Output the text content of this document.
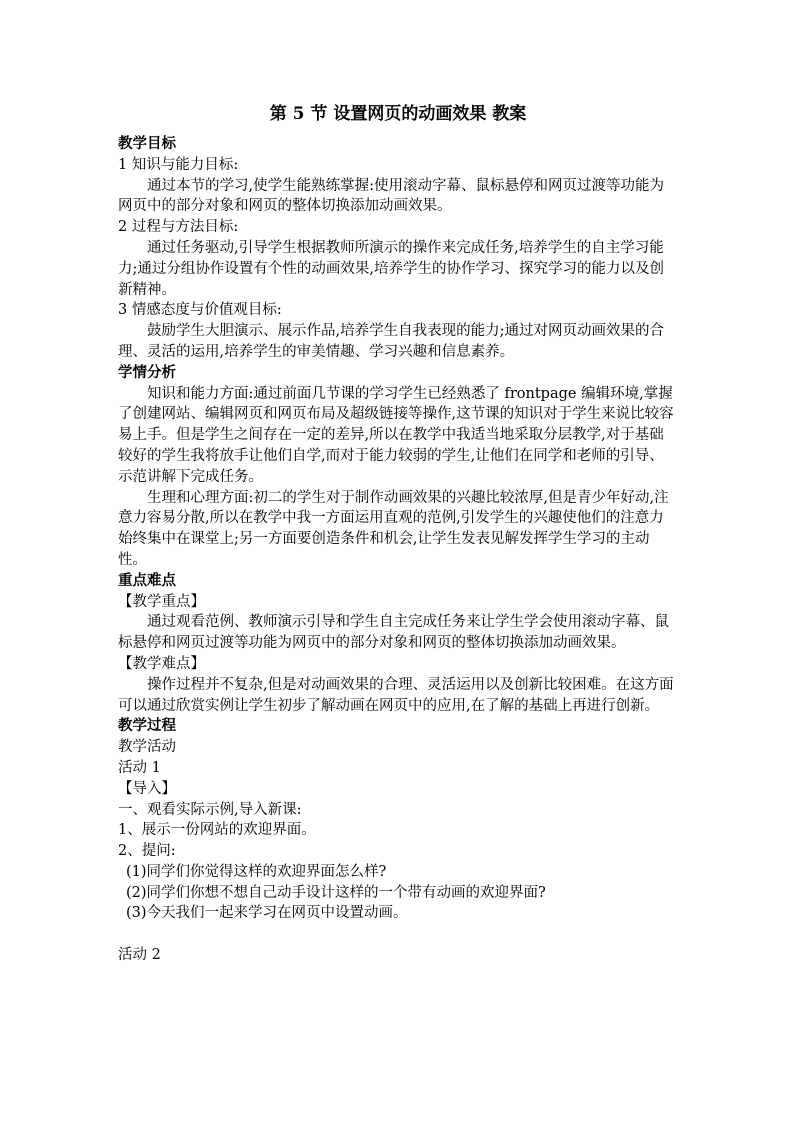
第 5 节 设置网页的动画效果 教案
教学目标
1 知识与能力目标:
通过本节的学习,使学生能熟练掌握:使用滚动字幕、鼠标悬停和网页过渡等功能为网页中的部分对象和网页的整体切换添加动画效果。
2 过程与方法目标:
通过任务驱动,引导学生根据教师所演示的操作来完成任务,培养学生的自主学习能力;通过分组协作设置有个性的动画效果,培养学生的协作学习、探究学习的能力以及创新精神。
3 情感态度与价值观目标:
鼓励学生大胆演示、展示作品,培养学生自我表现的能力;通过对网页动画效果的合理、灵活的运用,培养学生的审美情趣、学习兴趣和信息素养。
学情分析
知识和能力方面:通过前面几节课的学习学生已经熟悉了 frontpage 编辑环境,掌握了创建网站、编辑网页和网页布局及超级链接等操作,这节课的知识对于学生来说比较容易上手。但是学生之间存在一定的差异,所以在教学中我适当地采取分层教学,对于基础较好的学生我将放手让他们自学,而对于能力较弱的学生,让他们在同学和老师的引导、示范讲解下完成任务。
生理和心理方面:初二的学生对于制作动画效果的兴趣比较浓厚,但是青少年好动,注意力容易分散,所以在教学中我一方面运用直观的范例,引发学生的兴趣使他们的注意力始终集中在课堂上;另一方面要创造条件和机会,让学生发表见解发挥学生学习的主动性。
重点难点
【教学重点】
通过观看范例、教师演示引导和学生自主完成任务来让学生学会使用滚动字幕、鼠标悬停和网页过渡等功能为网页中的部分对象和网页的整体切换添加动画效果。
【教学难点】
操作过程并不复杂,但是对动画效果的合理、灵活运用以及创新比较困难。在这方面可以通过欣赏实例让学生初步了解动画在网页中的应用,在了解的基础上再进行创新。
教学过程
教学活动
活动 1
【导入】
一、观看实际示例,导入新课:
1、展示一份网站的欢迎界面。
2、提问:
(1)同学们你觉得这样的欢迎界面怎么样?
(2)同学们你想不想自己动手设计这样的一个带有动画的欢迎界面?
(3)今天我们一起来学习在网页中设置动画。
活动 2
